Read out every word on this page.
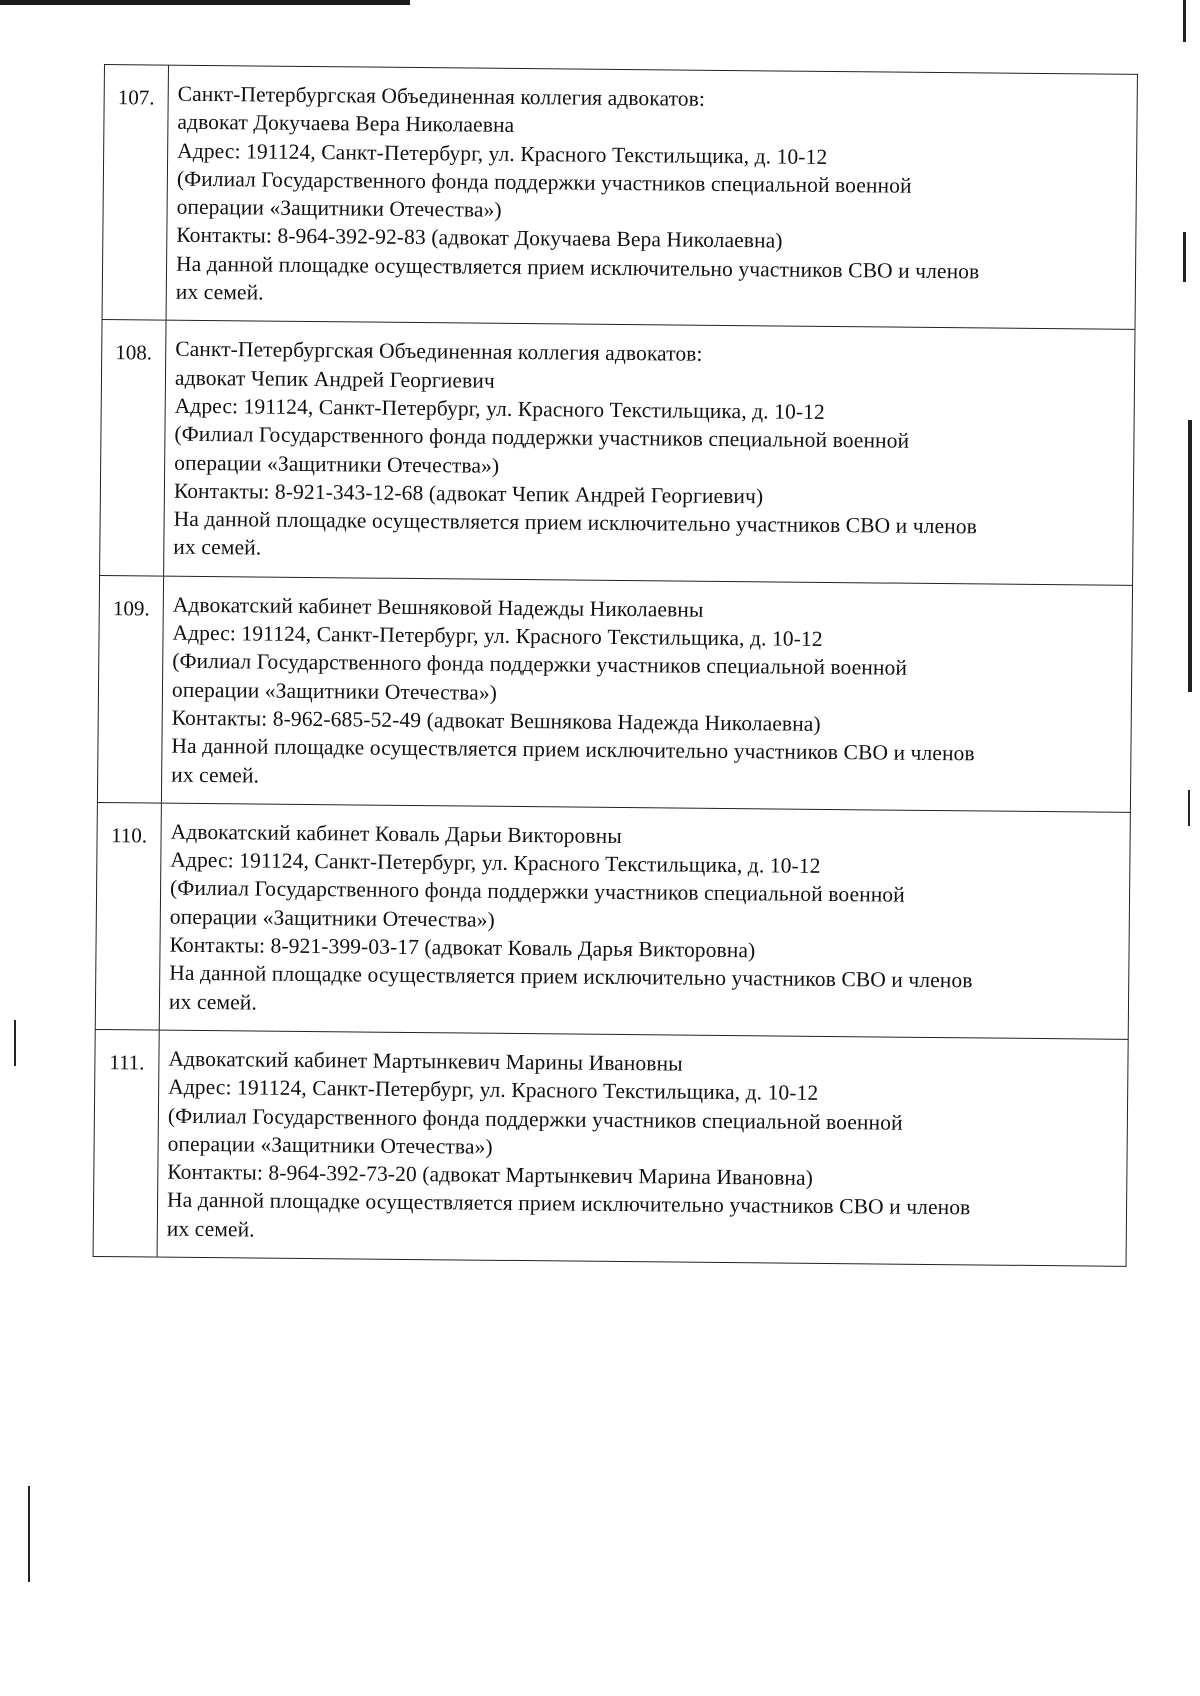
107.	Санкт-Петербургская Объединенная коллегия адвокатов:
адвокат Докучаева Вера Николаевна
Адрес: 191124, Санкт-Петербург, ул. Красного Текстильщика, д. 10-12
(Филиал Государственного фонда поддержки участников специальной военной
операции «Защитники Отечества»)
Контакты: 8-964-392-92-83 (адвокат Докучаева Вера Николаевна)
На данной площадке осуществляется прием исключительно участников СВО и членов
их семей.
108.	Санкт-Петербургская Объединенная коллегия адвокатов:
адвокат Чепик Андрей Георгиевич
Адрес: 191124, Санкт-Петербург, ул. Красного Текстильщика, д. 10-12
(Филиал Государственного фонда поддержки участников специальной военной
операции «Защитники Отечества»)
Контакты: 8-921-343-12-68 (адвокат Чепик Андрей Георгиевич)
На данной площадке осуществляется прием исключительно участников СВО и членов
их семей.
109.	Адвокатский кабинет Вешняковой Надежды Николаевны
Адрес: 191124, Санкт-Петербург, ул. Красного Текстильщика, д. 10-12
(Филиал Государственного фонда поддержки участников специальной военной
операции «Защитники Отечества»)
Контакты: 8-962-685-52-49 (адвокат Вешнякова Надежда Николаевна)
На данной площадке осуществляется прием исключительно участников СВО и членов
их семей.
110.	Адвокатский кабинет Коваль Дарьи Викторовны
Адрес: 191124, Санкт-Петербург, ул. Красного Текстильщика, д. 10-12
(Филиал Государственного фонда поддержки участников специальной военной
операции «Защитники Отечества»)
Контакты: 8-921-399-03-17 (адвокат Коваль Дарья Викторовна)
На данной площадке осуществляется прием исключительно участников СВО и членов
их семей.
111.	Адвокатский кабинет Мартынкевич Марины Ивановны
Адрес: 191124, Санкт-Петербург, ул. Красного Текстильщика, д. 10-12
(Филиал Государственного фонда поддержки участников специальной военной
операции «Защитники Отечества»)
Контакты: 8-964-392-73-20 (адвокат Мартынкевич Марина Ивановна)
На данной площадке осуществляется прием исключительно участников СВО и членов
их семей.
